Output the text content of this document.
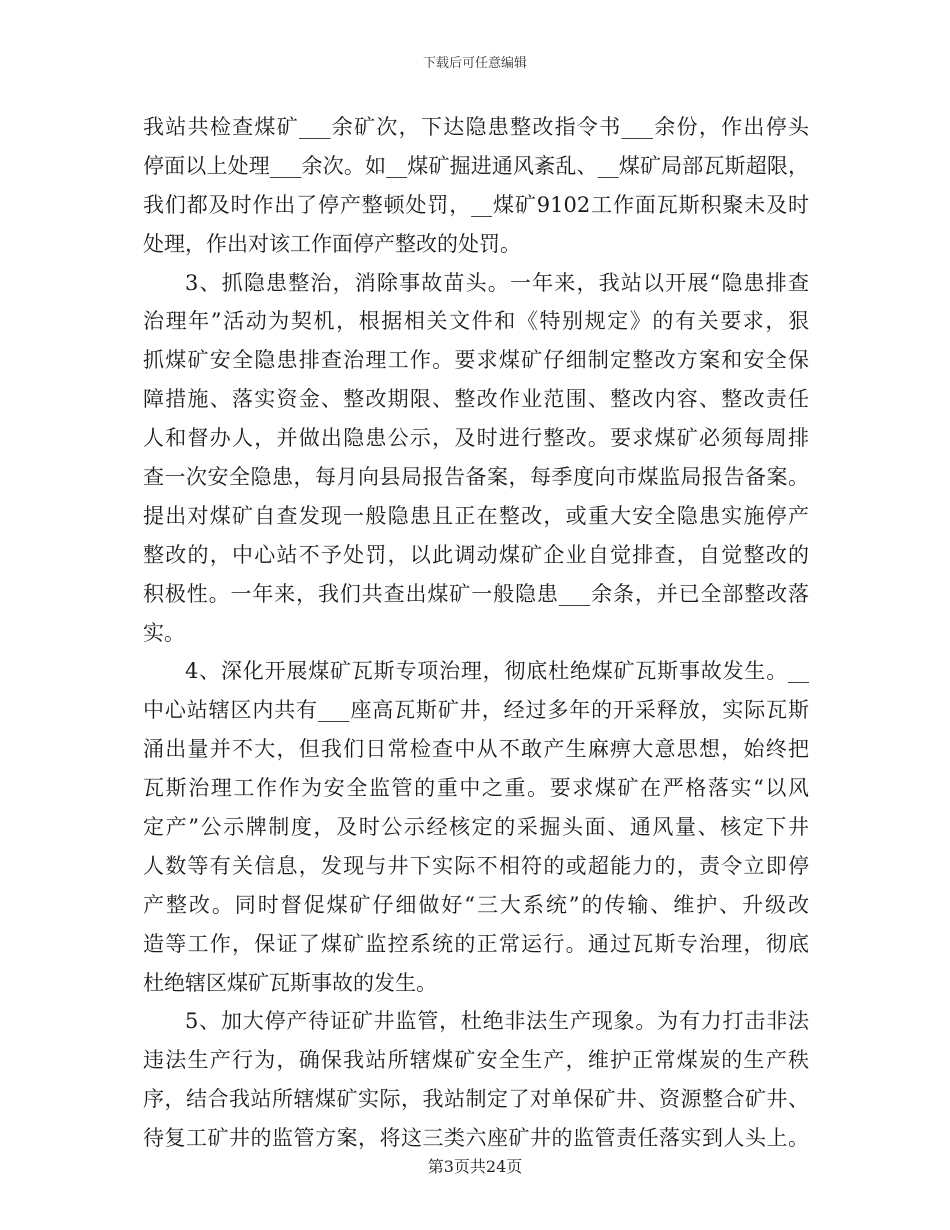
下载后可任意编辑
我站共检查煤矿___余矿次，下达隐患整改指令书___余份，作出停头
停面以上处理___余次。如__煤矿掘进通风紊乱、__煤矿局部瓦斯超限，
我们都及时作出了停产整顿处罚，__煤矿9102工作面瓦斯积聚未及时
处理，作出对该工作面停产整改的处罚。
3、抓隐患整治，消除事故苗头。一年来，我站以开展“隐患排查
治理年”活动为契机，根据相关文件和《特别规定》的有关要求，狠
抓煤矿安全隐患排查治理工作。要求煤矿仔细制定整改方案和安全保
障措施、落实资金、整改期限、整改作业范围、整改内容、整改责任
人和督办人，并做出隐患公示，及时进行整改。要求煤矿必须每周排
查一次安全隐患，每月向县局报告备案，每季度向市煤监局报告备案。
提出对煤矿自查发现一般隐患且正在整改，或重大安全隐患实施停产
整改的，中心站不予处罚，以此调动煤矿企业自觉排查，自觉整改的
积极性。一年来，我们共查出煤矿一般隐患___余条，并已全部整改落
实。
4、深化开展煤矿瓦斯专项治理，彻底杜绝煤矿瓦斯事故发生。__
中心站辖区内共有___座高瓦斯矿井，经过多年的开采释放，实际瓦斯
涌出量并不大，但我们日常检查中从不敢产生麻痹大意思想，始终把
瓦斯治理工作作为安全监管的重中之重。要求煤矿在严格落实“以风
定产”公示牌制度，及时公示经核定的采掘头面、通风量、核定下井
人数等有关信息，发现与井下实际不相符的或超能力的，责令立即停
产整改。同时督促煤矿仔细做好“三大系统”的传输、维护、升级改
造等工作，保证了煤矿监控系统的正常运行。通过瓦斯专治理，彻底
杜绝辖区煤矿瓦斯事故的发生。
5、加大停产待证矿井监管，杜绝非法生产现象。为有力打击非法
违法生产行为，确保我站所辖煤矿安全生产，维护正常煤炭的生产秩
序，结合我站所辖煤矿实际，我站制定了对单保矿井、资源整合矿井、
待复工矿井的监管方案，将这三类六座矿井的监管责任落实到人头上。
第3页共24页
